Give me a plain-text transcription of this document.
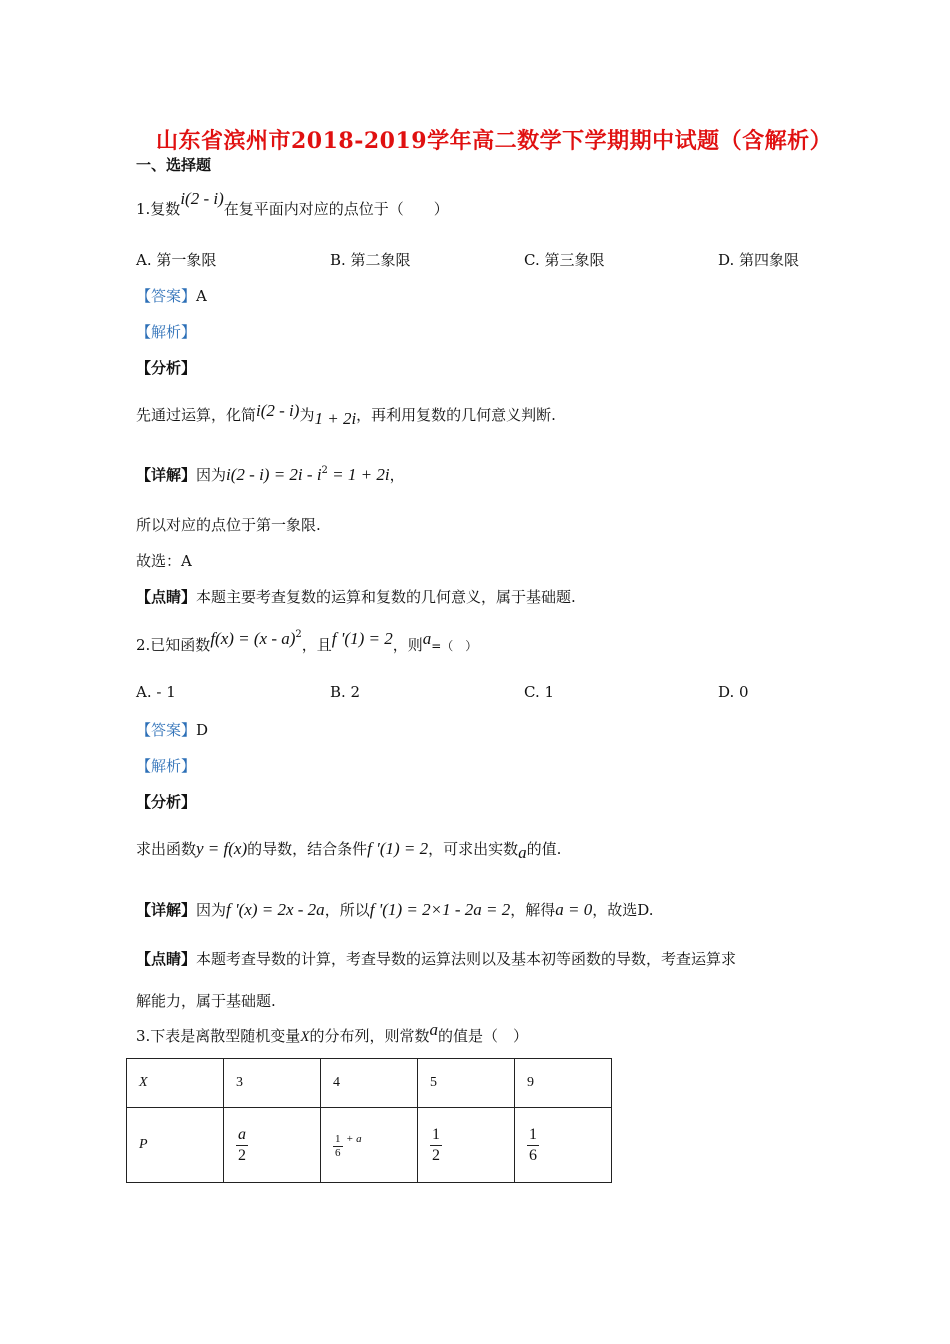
山东省滨州市2018-2019学年高二数学下学期期中试题（含解析）
一、选择题
1.复数i(2 - i)在复平面内对应的点位于（　　）
A. 第一象限	B. 第二象限	C. 第三象限	D. 第四象限
【答案】A
【解析】
【分析】
先通过运算，化简i(2 - i)为1 + 2i，再利用复数的几何意义判断.
【详解】因为$i(2 - i) = 2i - i^2 = 1 + 2i$，
所以对应的点位于第一象限.
故选：A
【点睛】本题主要考查复数的运算和复数的几何意义，属于基础题.
2.已知函数f(x) = (x - a)$^2$，且f '(1) = 2，则a=（　）
A. - 1	B. 2	C. 1	D. 0
【答案】D
【解析】
【分析】
求出函数y = f(x)的导数，结合条件f ′(1) = 2，可求出实数a的值.
【详解】因为f '(x) = 2x - 2a，所以f '(1) = 2×1 - 2a = 2，解得a = 0，故选D.
【点睛】本题考查导数的计算，考查导数的运算法则以及基本初等函数的导数，考查运算求
解能力，属于基础题.
3.下表是离散型随机变量X的分布列，则常数a的值是（　）
X	3	4	5	9
P	$\frac{a}{2}$	$\frac{1}{6} + a$	$\frac{1}{2}$	$\frac{1}{6}$
